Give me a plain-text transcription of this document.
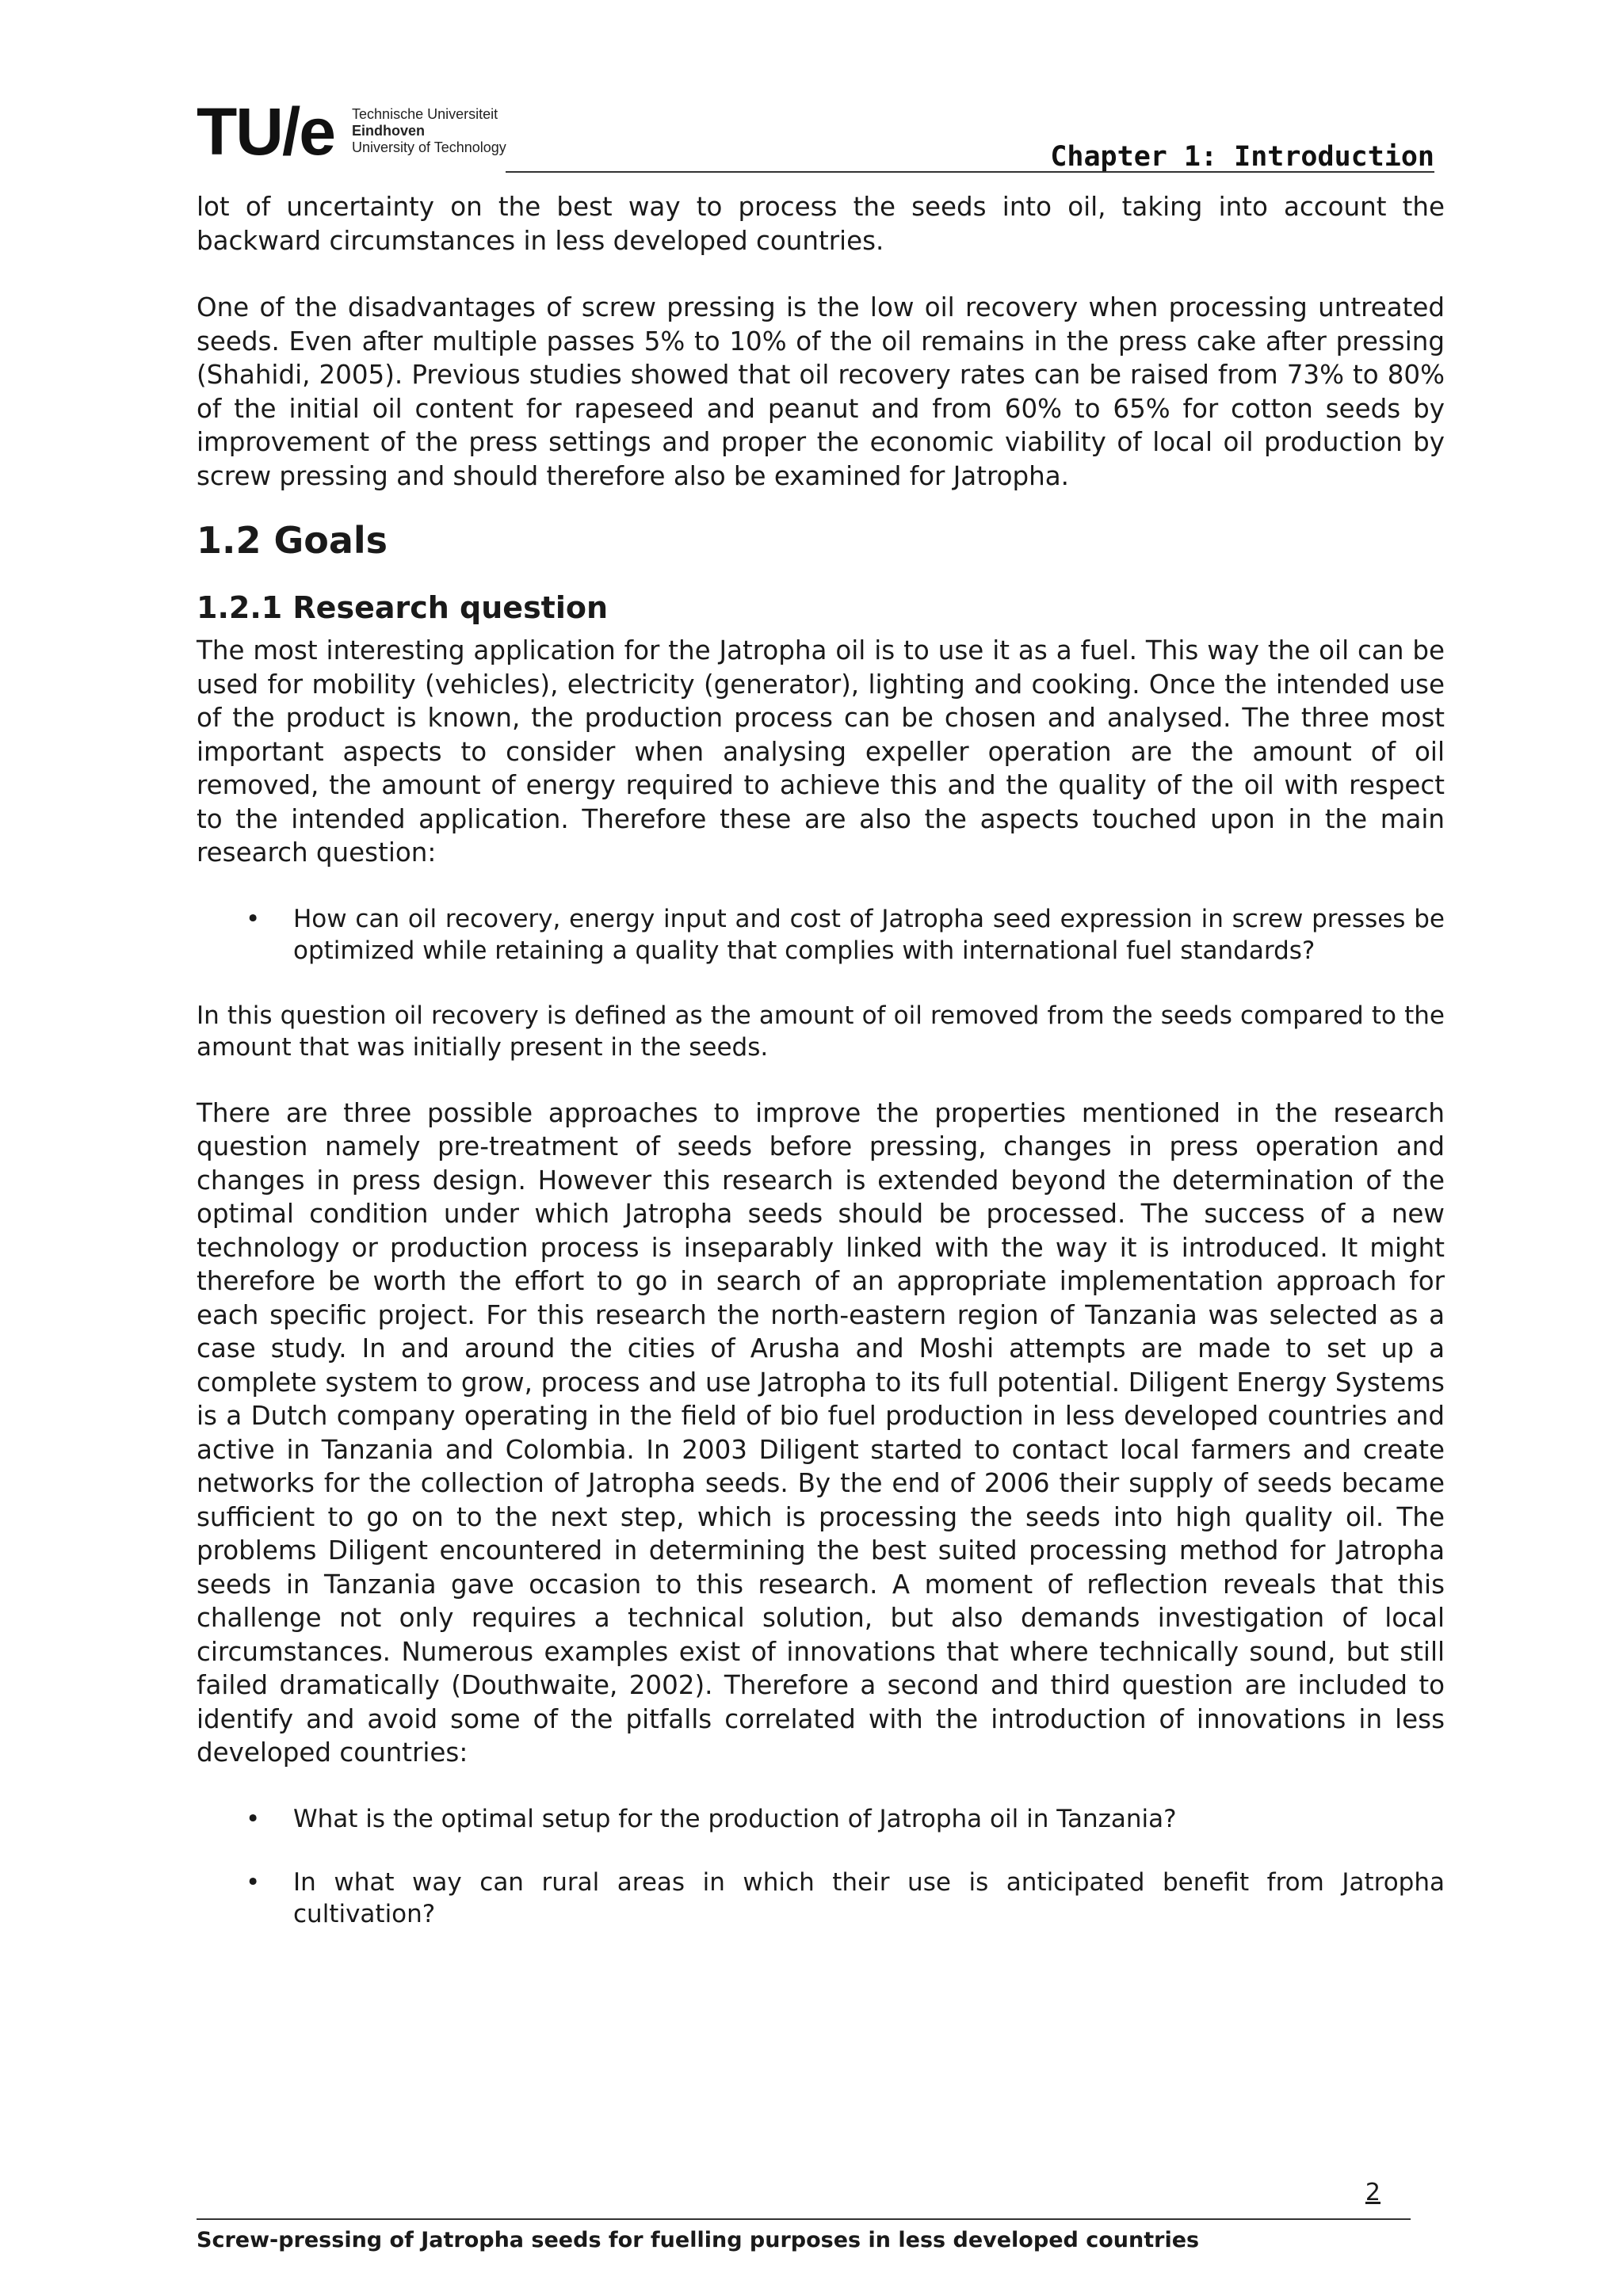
TU/e Technische Universiteit
Eindhoven
University of Technology	Chapter 1: Introduction

lot of uncertainty on the best way to process the seeds into oil, taking into account the backward circumstances in less developed countries.

One of the disadvantages of screw pressing is the low oil recovery when processing untreated seeds. Even after multiple passes 5% to 10% of the oil remains in the press cake after pressing (Shahidi, 2005). Previous studies showed that oil recovery rates can be raised from 73% to 80% of the initial oil content for rapeseed and peanut and from 60% to 65% for cotton seeds by improvement of the press settings and proper the economic viability of local oil production by screw pressing and should therefore also be examined for Jatropha.

1.2 Goals
1.2.1 Research question

The most interesting application for the Jatropha oil is to use it as a fuel. This way the oil can be used for mobility (vehicles), electricity (generator), lighting and cooking. Once the intended use of the product is known, the production process can be chosen and analysed. The three most important aspects to consider when analysing expeller operation are the amount of oil removed, the amount of energy required to achieve this and the quality of the oil with respect to the intended application. Therefore these are also the aspects touched upon in the main research question:

• How can oil recovery, energy input and cost of Jatropha seed expression in screw presses be optimized while retaining a quality that complies with international fuel standards?

In this question oil recovery is defined as the amount of oil removed from the seeds compared to the amount that was initially present in the seeds.

There are three possible approaches to improve the properties mentioned in the research question namely pre-treatment of seeds before pressing, changes in press operation and changes in press design. However this research is extended beyond the determination of the optimal condition under which Jatropha seeds should be processed. The success of a new technology or production process is inseparably linked with the way it is introduced. It might therefore be worth the effort to go in search of an appropriate implementation approach for each specific project. For this research the north-eastern region of Tanzania was selected as a case study. In and around the cities of Arusha and Moshi attempts are made to set up a complete system to grow, process and use Jatropha to its full potential. Diligent Energy Systems is a Dutch company operating in the field of bio fuel production in less developed countries and active in Tanzania and Colombia. In 2003 Diligent started to contact local farmers and create networks for the collection of Jatropha seeds. By the end of 2006 their supply of seeds became sufficient to go on to the next step, which is processing the seeds into high quality oil. The problems Diligent encountered in determining the best suited processing method for Jatropha seeds in Tanzania gave occasion to this research. A moment of reflection reveals that this challenge not only requires a technical solution, but also demands investigation of local circumstances. Numerous examples exist of innovations that where technically sound, but still failed dramatically (Douthwaite, 2002). Therefore a second and third question are included to identify and avoid some of the pitfalls correlated with the introduction of innovations in less developed countries:

• What is the optimal setup for the production of Jatropha oil in Tanzania?
• In what way can rural areas in which their use is anticipated benefit from Jatropha cultivation?
2
Screw-pressing of Jatropha seeds for fuelling purposes in less developed countries
